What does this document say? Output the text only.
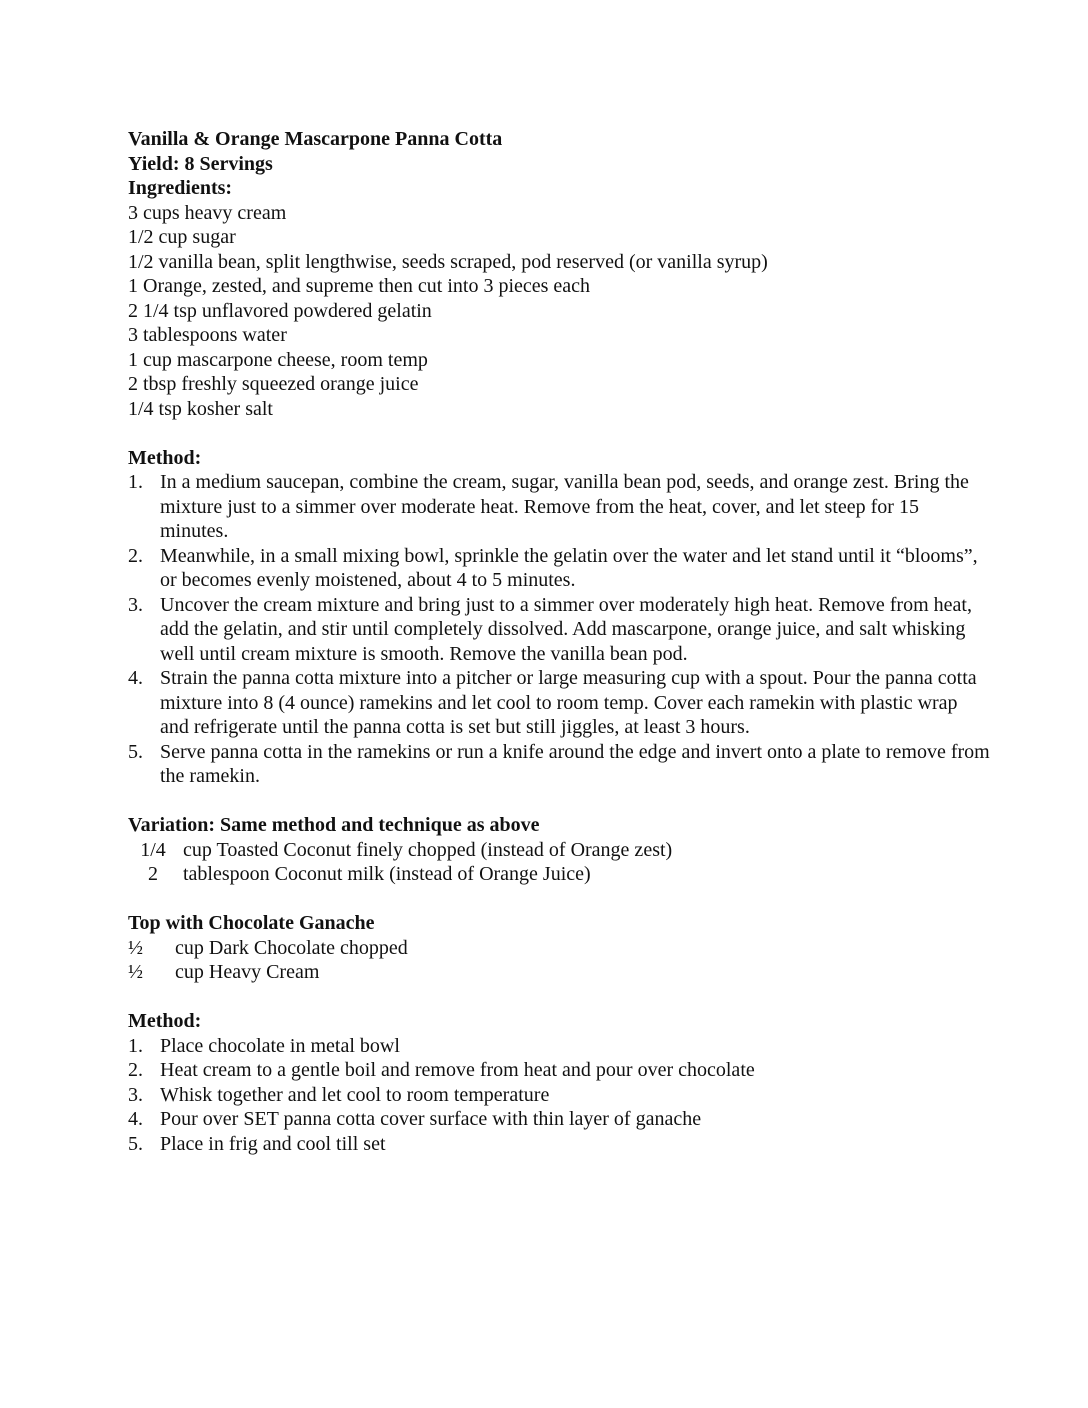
Vanilla & Orange Mascarpone Panna Cotta
Yield: 8 Servings
Ingredients:
3 cups heavy cream
1/2 cup sugar
1/2 vanilla bean, split lengthwise, seeds scraped, pod reserved (or vanilla syrup)
1 Orange, zested, and supreme then cut into 3 pieces each
2 1/4 tsp unflavored powdered gelatin
3 tablespoons water
1 cup mascarpone cheese, room temp
2 tbsp freshly squeezed orange juice
1/4 tsp kosher salt
Method:
1. In a medium saucepan, combine the cream, sugar, vanilla bean pod, seeds, and orange zest. Bring the mixture just to a simmer over moderate heat. Remove from the heat, cover, and let steep for 15 minutes.
2. Meanwhile, in a small mixing bowl, sprinkle the gelatin over the water and let stand until it “blooms”, or becomes evenly moistened, about 4 to 5 minutes.
3. Uncover the cream mixture and bring just to a simmer over moderately high heat. Remove from heat, add the gelatin, and stir until completely dissolved. Add mascarpone, orange juice, and salt whisking well until cream mixture is smooth. Remove the vanilla bean pod.
4. Strain the panna cotta mixture into a pitcher or large measuring cup with a spout. Pour the panna cotta mixture into 8 (4 ounce) ramekins and let cool to room temp. Cover each ramekin with plastic wrap and refrigerate until the panna cotta is set but still jiggles, at least 3 hours.
5. Serve panna cotta in the ramekins or run a knife around the edge and invert onto a plate to remove from the ramekin.
Variation: Same method and technique as above
1/4 cup Toasted Coconut finely chopped (instead of Orange zest)
2 tablespoon Coconut milk (instead of Orange Juice)
Top with Chocolate Ganache
½ cup Dark Chocolate chopped
½ cup Heavy Cream
Method:
1. Place chocolate in metal bowl
2. Heat cream to a gentle boil and remove from heat and pour over chocolate
3. Whisk together and let cool to room temperature
4. Pour over SET panna cotta cover surface with thin layer of ganache
5. Place in frig and cool till set
